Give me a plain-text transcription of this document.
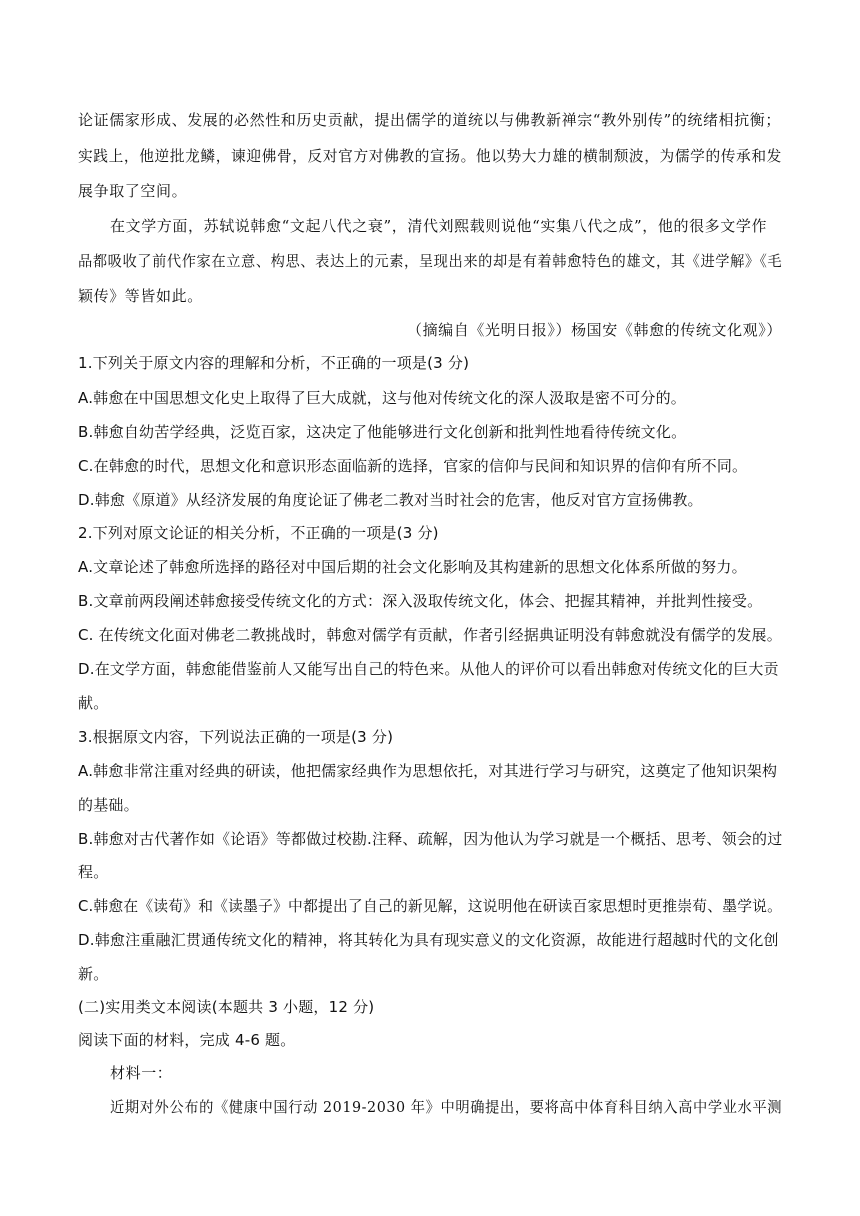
论证儒家形成、发展的必然性和历史贡献，提出儒学的道统以与佛教新禅宗“教外别传”的统绪相抗衡；
实践上，他逆批龙鳞，谏迎佛骨，反对官方对佛教的宣扬。他以势大力雄的横制颓波，为儒学的传承和发
展争取了空间。
在文学方面，苏轼说韩愈“文起八代之衰”，清代刘熙载则说他“实集八代之成”，他的很多文学作
品都吸收了前代作家在立意、构思、表达上的元素，呈现出来的却是有着韩愈特色的雄文，其《进学解》《毛
颖传》等皆如此。
（摘编自《光明日报》）杨国安《韩愈的传统文化观》）
1.下列关于原文内容的理解和分析，不正确的一项是(3 分)
A.韩愈在中国思想文化史上取得了巨大成就，这与他对传统文化的深人汲取是密不可分的。
B.韩愈自幼苦学经典，泛览百家，这决定了他能够进行文化创新和批判性地看待传统文化。
C.在韩愈的时代，思想文化和意识形态面临新的选择，官家的信仰与民间和知识界的信仰有所不同。
D.韩愈《原道》从经济发展的角度论证了佛老二教对当时社会的危害，他反对官方宣扬佛教。
2.下列对原文论证的相关分析，不正确的一项是(3 分)
A.文章论述了韩愈所选择的路径对中国后期的社会文化影响及其构建新的思想文化体系所做的努力。
B.文章前两段阐述韩愈接受传统文化的方式：深入汲取传统文化，体会、把握其精神，并批判性接受。
C. 在传统文化面对佛老二教挑战时，韩愈对儒学有贡献，作者引经据典证明没有韩愈就没有儒学的发展。
D.在文学方面，韩愈能借鉴前人又能写出自己的特色来。从他人的评价可以看出韩愈对传统文化的巨大贡
献。
3.根据原文内容，下列说法正确的一项是(3 分)
A.韩愈非常注重对经典的研读，他把儒家经典作为思想依托，对其进行学习与研究，这奠定了他知识架构
的基础。
B.韩愈对古代著作如《论语》等都做过校勘.注释、疏解，因为他认为学习就是一个概括、思考、领会的过
程。
C.韩愈在《读荀》和《读墨子》中都提出了自己的新见解，这说明他在研读百家思想时更推崇荀、墨学说。
D.韩愈注重融汇贯通传统文化的精神，将其转化为具有现实意义的文化资源，故能进行超越时代的文化创
新。
(二)实用类文本阅读(本题共 3 小题，12 分)
阅读下面的材料，完成 4-6 题。
材料一：
近期对外公布的《健康中国行动 2019-2030 年》中明确提出，要将高中体育科目纳入高中学业水平测
